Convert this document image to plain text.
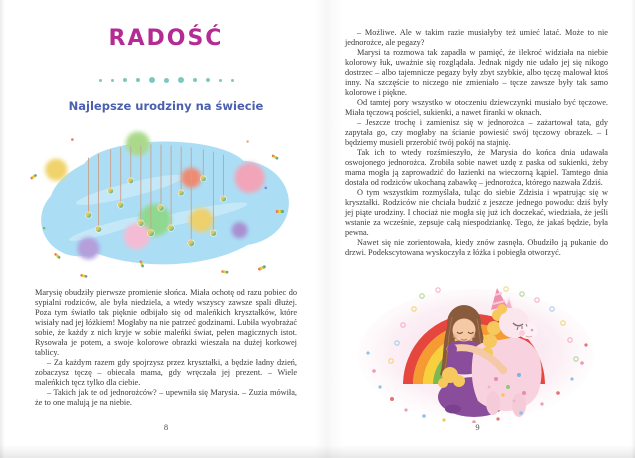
RADOŚĆ
Najlepsze urodziny na świecie

Marysię obudziły pierwsze promienie słońca. Miała ochotę od razu pobiec do sypialni rodziców, ale była niedziela, a wtedy wszyscy zawsze spali dłużej. Poza tym światło tak pięknie odbijało się od maleńkich kryształków, które wisiały nad jej łóżkiem! Mogłaby na nie patrzeć godzinami. Lubiła wyobrażać sobie, że każdy z nich kryje w sobie maleńki świat, pełen magicznych istot. Rysowała je potem, a swoje kolorowe obrazki wieszała na dużej korkowej tablicy.

– Za każdym razem gdy spojrzysz przez kryształki, a będzie ładny dzień, zobaczysz tęczę – obiecała mama, gdy wręczała jej prezent. – Wiele maleńkich tęcz tylko dla ciebie.

– Takich jak te od jednorożców? – upewniła się Marysia. – Zuzia mówiła, że to one malują je na niebie.

8

– Możliwe. Ale w takim razie musiałyby też umieć latać. Może to nie jednorożce, ale pegazy?

Marysi ta rozmowa tak zapadła w pamięć, że ilekroć widziała na niebie kolorowy łuk, uważnie się rozglądała. Jednak nigdy nie udało jej się nikogo dostrzec – albo tajemnicze pegazy były zbyt szybkie, albo tęczę malował ktoś inny. Na szczęście to niczego nie zmieniało – tęcze zawsze były tak samo kolorowe i piękne.

Od tamtej pory wszystko w otoczeniu dziewczynki musiało być tęczowe. Miała tęczową pościel, sukienki, a nawet firanki w oknach.

– Jeszcze trochę i zamienisz się w jednorożca – zażartował tata, gdy zapytała go, czy mogłaby na ścianie powiesić swój tęczowy obrazek. – I będziemy musieli przerobić twój pokój na stajnię.

Tak ich to wtedy rozśmieszyło, że Marysia do końca dnia udawała oswojonego jednorożca. Zrobiła sobie nawet uzdę z paska od sukienki, żeby mama mogła ją zaprowadzić do łazienki na wieczorną kąpiel. Tamtego dnia dostała od rodziców ukochaną zabawkę – jednorożca, którego nazwała Zdziś.

O tym wszystkim rozmyślała, tuląc do siebie Zdzisia i wpatrując się w kryształki. Rodziców nie chciała budzić z jeszcze jednego powodu: dziś były jej piąte urodziny. I chociaż nie mogła się już ich doczekać, wiedziała, że jeśli wstanie za wcześnie, zepsuje całą niespodziankę. Tego, że jakaś będzie, była pewna.

Nawet się nie zorientowała, kiedy znów zasnęła. Obudziło ją pukanie do drzwi. Podekscytowana wyskoczyła z łóżka i pobiegła otworzyć.

9
